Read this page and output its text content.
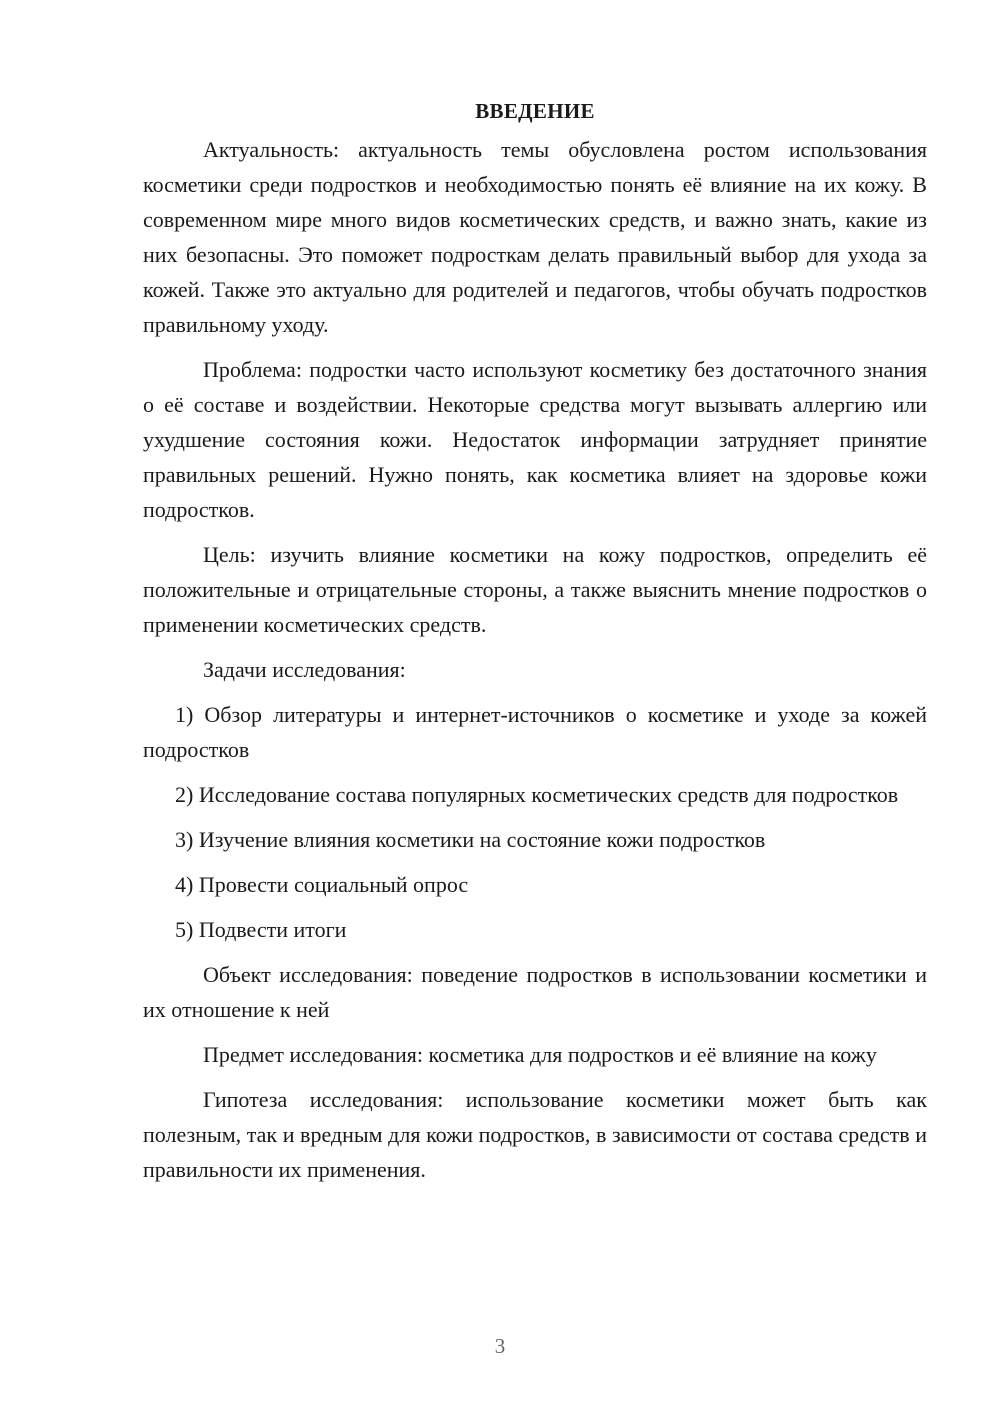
ВВЕДЕНИЕ

Актуальность: актуальность темы обусловлена ростом использования косметики среди подростков и необходимостью понять её влияние на их кожу. В современном мире много видов косметических средств, и важно знать, какие из них безопасны. Это поможет подросткам делать правильный выбор для ухода за кожей. Также это актуально для родителей и педагогов, чтобы обучать подростков правильному уходу.

Проблема: подростки часто используют косметику без достаточного знания о её составе и воздействии. Некоторые средства могут вызывать аллергию или ухудшение состояния кожи. Недостаток информации затрудняет принятие правильных решений. Нужно понять, как косметика влияет на здоровье кожи подростков.

Цель: изучить влияние косметики на кожу подростков, определить её положительные и отрицательные стороны, а также выяснить мнение подростков о применении косметических средств.

Задачи исследования:

1) Обзор литературы и интернет-источников о косметике и уходе за кожей подростков

2) Исследование состава популярных косметических средств для подростков

3) Изучение влияния косметики на состояние кожи подростков

4) Провести социальный опрос

5) Подвести итоги

Объект исследования: поведение подростков в использовании косметики и их отношение к ней

Предмет исследования: косметика для подростков и её влияние на кожу

Гипотеза исследования: использование косметики может быть как полезным, так и вредным для кожи подростков, в зависимости от состава средств и правильности их применения.

3
